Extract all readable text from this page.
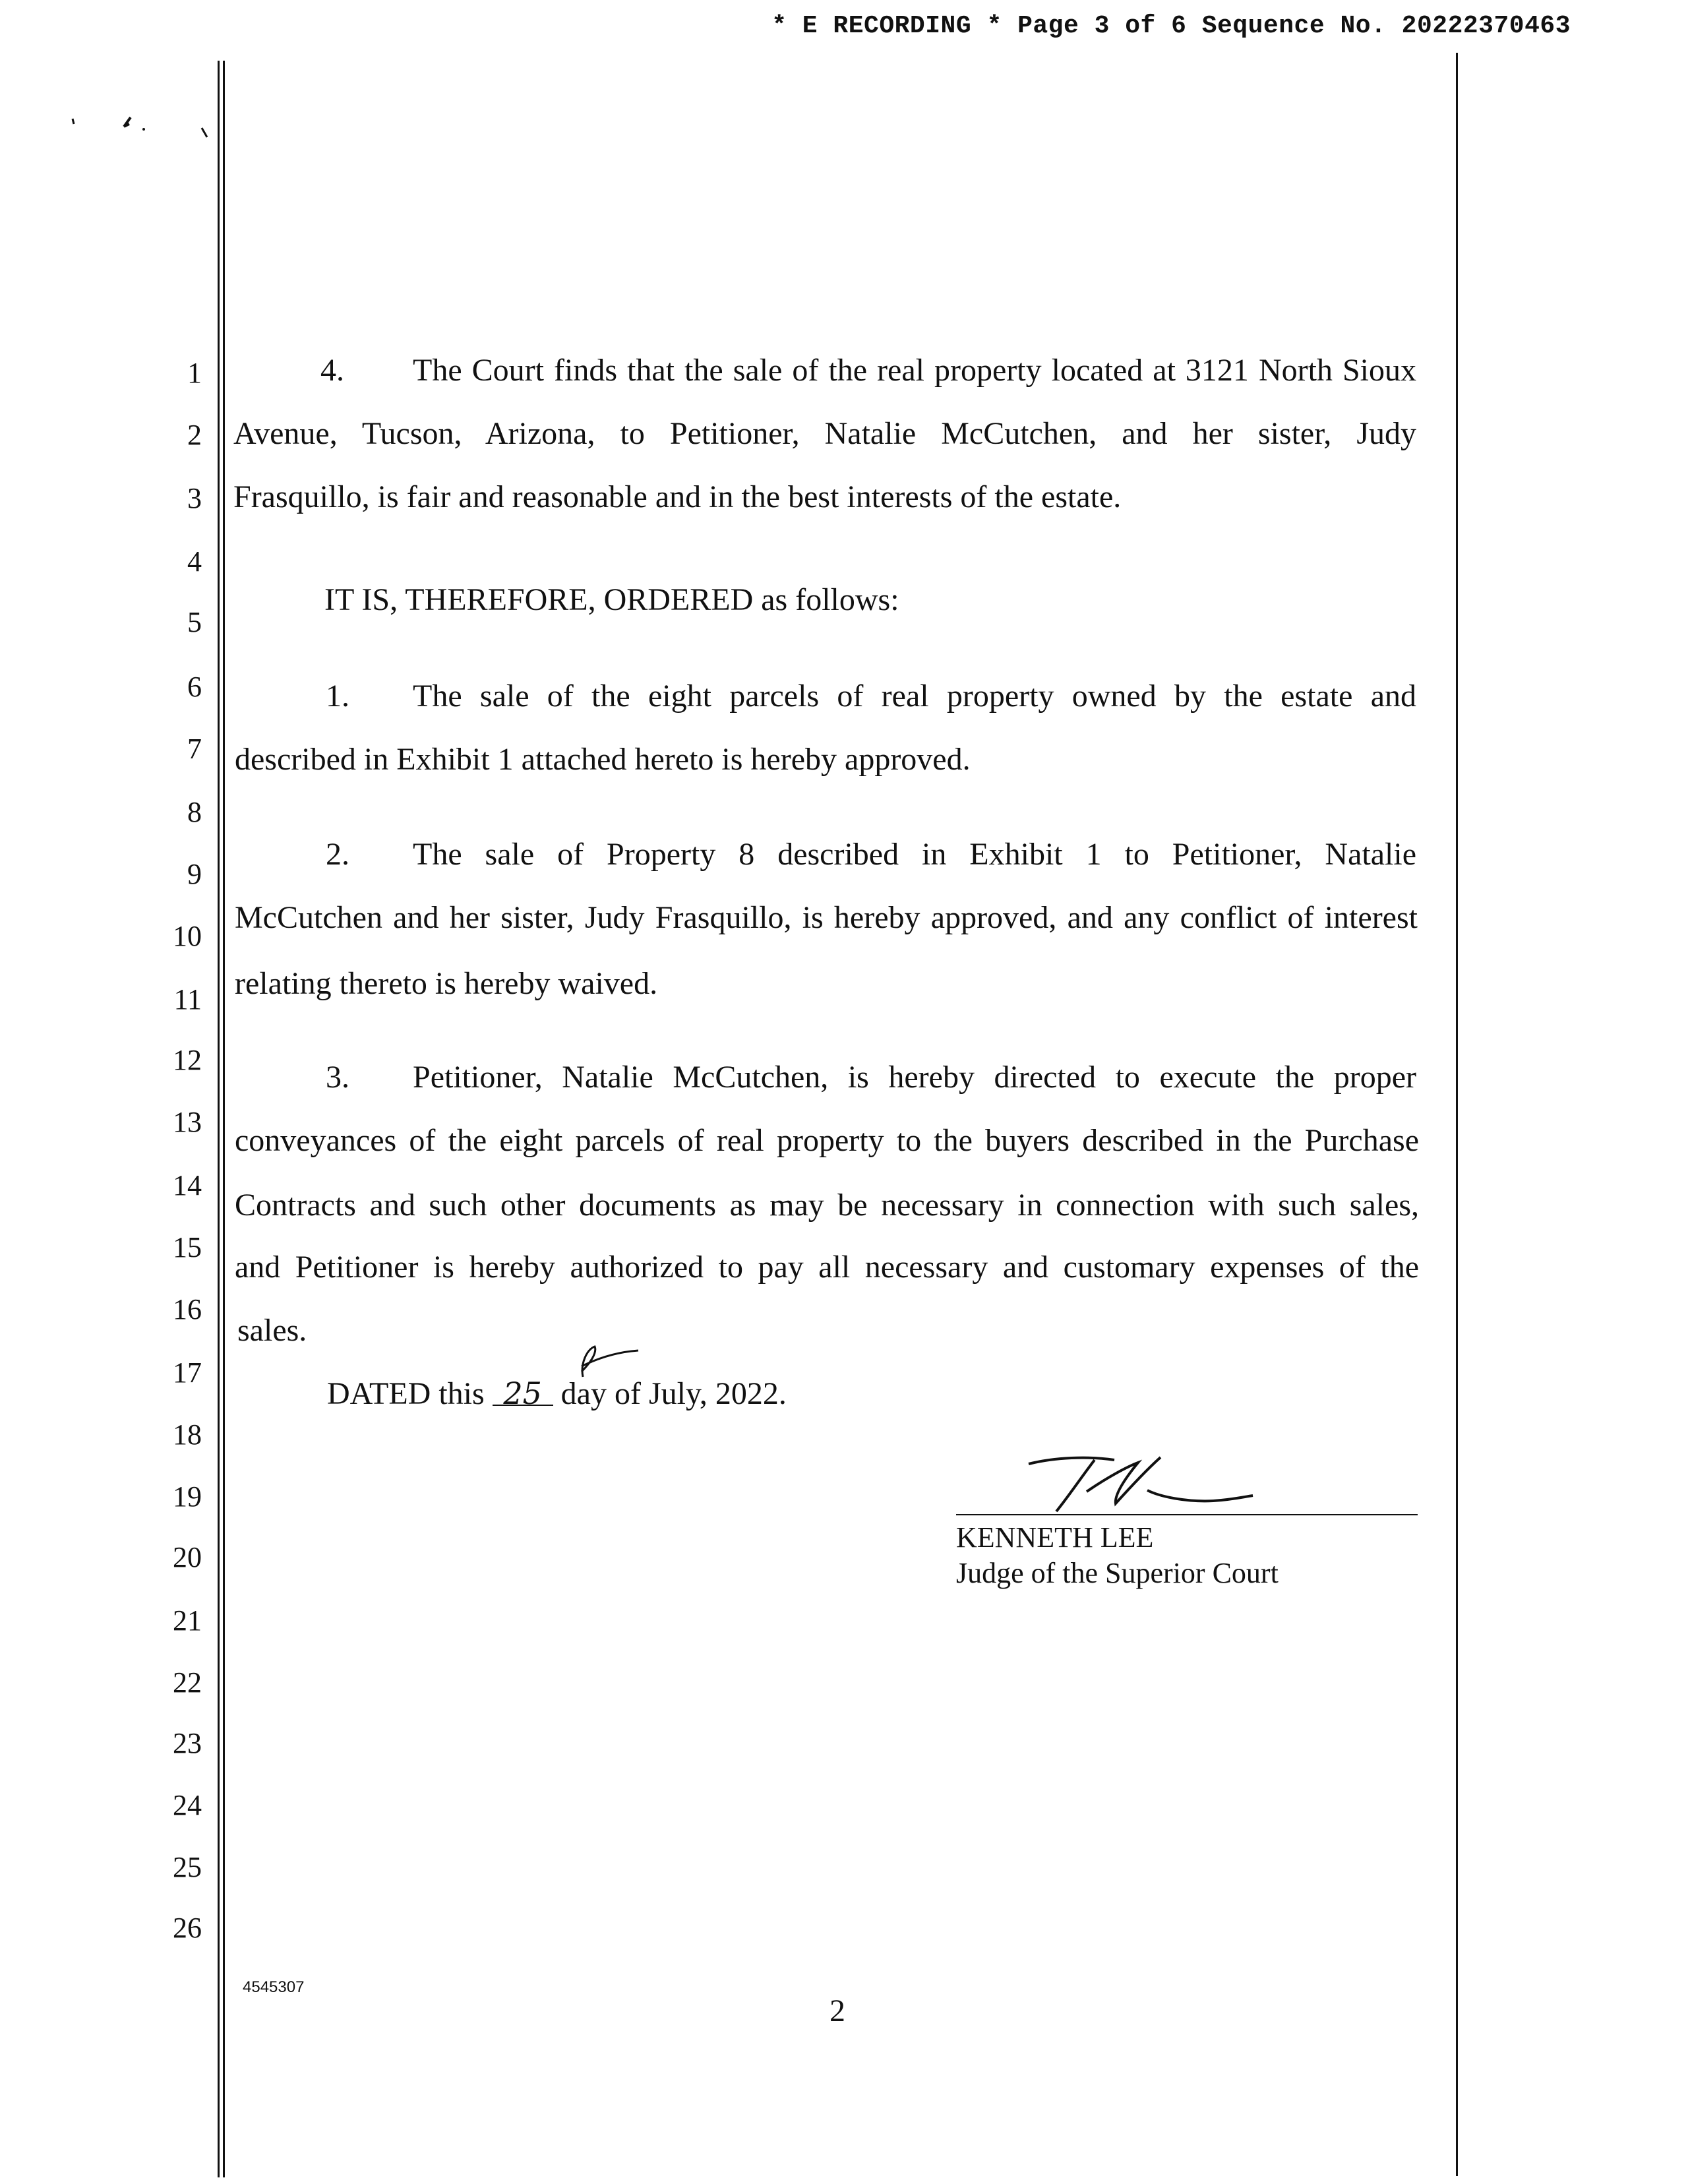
* E RECORDING * Page 3 of 6 Sequence No. 20222370463
1
2
3
4
5
6
7
8
9
10
11
12
13
14
15
16
17
18
19
20
21
22
23
24
25
26
4. The Court finds that the sale of the real property located at 3121 North Sioux
Avenue, Tucson, Arizona, to Petitioner, Natalie McCutchen, and her sister, Judy
Frasquillo, is fair and reasonable and in the best interests of the estate.
IT IS, THEREFORE, ORDERED as follows:
1. The sale of the eight parcels of real property owned by the estate and
described in Exhibit 1 attached hereto is hereby approved.
2. The sale of Property 8 described in Exhibit 1 to Petitioner, Natalie
McCutchen and her sister, Judy Frasquillo, is hereby approved, and any conflict of interest
relating thereto is hereby waived.
3. Petitioner, Natalie McCutchen, is hereby directed to execute the proper
conveyances of the eight parcels of real property to the buyers described in the Purchase
Contracts and such other documents as may be necessary in connection with such sales,
and Petitioner is hereby authorized to pay all necessary and customary expenses of the
sales.
DATED this 25 day of July, 2022.
KENNETH LEE
Judge of the Superior Court
4545307
2
